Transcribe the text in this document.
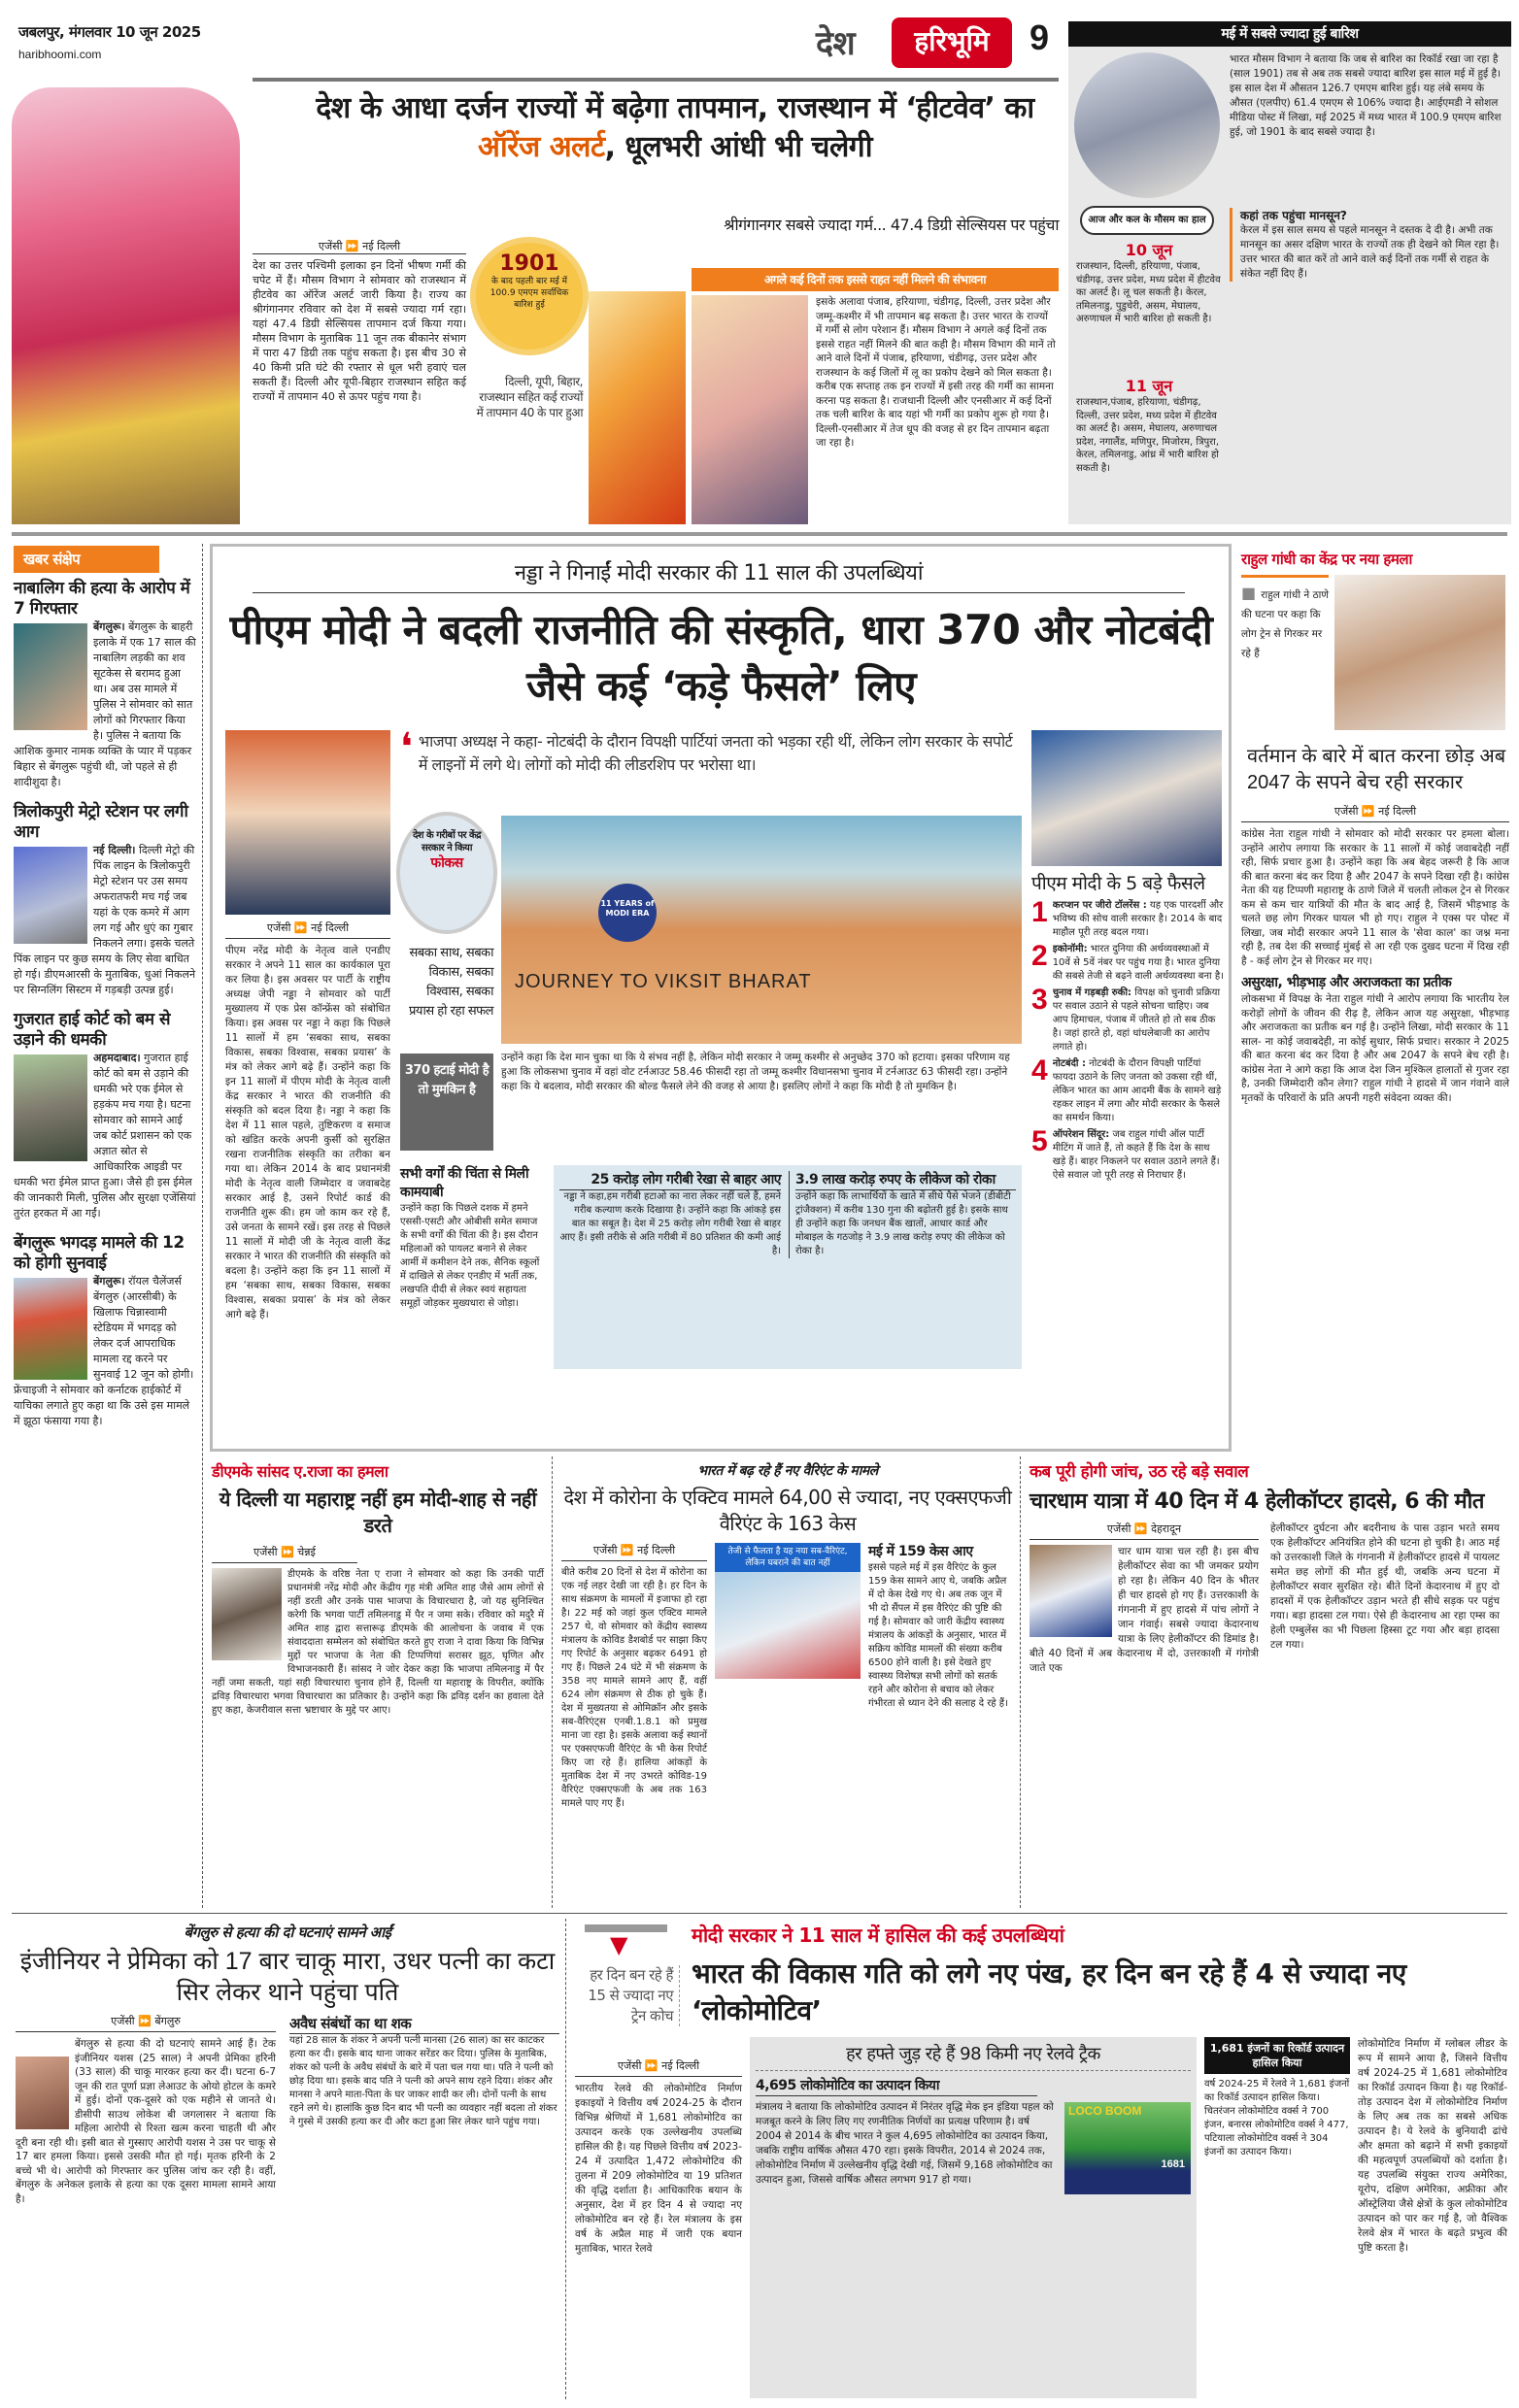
जबलपुर, मंगलवार 10 जून 2025
haribhoomi.com	देश	हरिभूमि	9
देश के आधा दर्जन राज्यों में बढ़ेगा तापमान, राजस्थान में ‘हीटवेव’ का ऑरेंज अलर्ट, धूलभरी आंधी भी चलेगी
श्रीगंगानगर सबसे ज्यादा गर्म... 47.4 डिग्री सेल्सियस पर पहुंचा
एजेंसी ⏩ नई दिल्ली

देश का उत्तर पश्चिमी इलाका इन दिनों भीषण गर्मी की चपेट में हैं। मौसम विभाग ने सोमवार को राजस्थान में हीटवेव का ऑरेंज अलर्ट जारी किया है। राज्य का श्रीगंगानगर रविवार को देश में सबसे ज्यादा गर्म रहा। यहां 47.4 डिग्री सेल्सियस तापमान दर्ज किया गया। मौसम विभाग के मुताबिक 11 जून तक बीकानेर संभाग में पारा 47 डिग्री तक पहुंच सकता है। इस बीच 30 से 40 किमी प्रति घंटे की रफ्तार से धूल भरी हवाएं चल सकती हैं। दिल्ली और यूपी-बिहार राजस्थान सहित कई राज्यों में तापमान 40 से ऊपर पहुंच गया है।

1901
के बाद पहली बार मई में 100.9 एमएम सर्वाधिक बारिश हुई
दिल्ली, यूपी, बिहार, राजस्थान सहित कई राज्यों में तापमान 40 के पार हुआ
अगले कई दिनों तक इससे राहत नहीं मिलने की संभावना

इसके अलावा पंजाब, हरियाणा, चंडीगढ़, दिल्ली, उत्तर प्रदेश और जम्मू-कश्मीर में भी तापमान बढ़ सकता है। उत्तर भारत के राज्यों में गर्मी से लोग परेशान हैं। मौसम विभाग ने अगले कई दिनों तक इससे राहत नहीं मिलने की बात कही है। मौसम विभाग की मानें तो आने वाले दिनों में पंजाब, हरियाणा, चंडीगढ़, उत्तर प्रदेश और राजस्थान के कई जिलों में लू का प्रकोप देखने को मिल सकता है। करीब एक सप्ताह तक इन राज्यों में इसी तरह की गर्मी का सामना करना पड़ सकता है। राजधानी दिल्ली और एनसीआर में कई दिनों तक चली बारिश के बाद यहां भी गर्मी का प्रकोप शुरू हो गया है। दिल्ली-एनसीआर में तेज धूप की वजह से हर दिन तापमान बढ़ता जा रहा है।

मई में सबसे ज्यादा हुई बारिश

भारत मौसम विभाग ने बताया कि जब से बारिश का रिकॉर्ड रखा जा रहा है (साल 1901) तब से अब तक सबसे ज्यादा बारिश इस साल मई में हुई है। इस साल देश में औसतन 126.7 एमएम बारिश हुई। यह लंबे समय के औसत (एलपीए) 61.4 एमएम से 106% ज्यादा है। आईएमडी ने सोशल मीडिया पोस्ट में लिखा, मई 2025 में मध्य भारत में 100.9 एमएम बारिश हुई, जो 1901 के बाद सबसे ज्यादा है।

आज और कल के मौसम का हाल
10 जून

राजस्थान, दिल्ली, हरियाणा, पंजाब, चंडीगढ़, उत्तर प्रदेश, मध्य प्रदेश में हीटवेव का अलर्ट है। लू चल सकती है। केरल, तमिलनाडु, पुडुचेरी, असम, मेघालय, अरुणाचल में भारी बारिश हो सकती है।

11 जून

राजस्थान,पंजाब, हरियाणा, चंडीगढ़, दिल्ली, उत्तर प्रदेश, मध्य प्रदेश में हीटवेव का अलर्ट है। असम, मेघालय, अरुणाचल प्रदेश, नगालैंड, मणिपुर, मिजोरम, त्रिपुरा, केरल, तमिलनाडु, आंध्र में भारी बारिश हो सकती है।

कहां तक पहुंचा मानसून?

केरल में इस साल समय से पहले मानसून ने दस्तक दे दी है। अभी तक मानसून का असर दक्षिण भारत के राज्यों तक ही देखने को मिल रहा है। उत्तर भारत की बात करें तो आने वाले कई दिनों तक गर्मी से राहत के संकेत नहीं दिए हैं।

खबर संक्षेप
नाबालिग की हत्या के आरोप में 7 गिरफ्तार

बेंगलुरू। बेंगलुरू के बाहरी इलाके में एक 17 साल की नाबालिग लड़की का शव सूटकेस से बरामद हुआ था। अब उस मामले में पुलिस ने सोमवार को सात लोगों को गिरफ्तार किया है। पुलिस ने बताया कि आशिक कुमार नामक व्यक्ति के प्यार में पड़कर बिहार से बेंगलुरू पहुंची थी, जो पहले से ही शादीशुदा है।

त्रिलोकपुरी मेट्रो स्टेशन पर लगी आग

नई दिल्ली। दिल्ली मेट्रो की पिंक लाइन के त्रिलोकपुरी मेट्रो स्टेशन पर उस समय अफरातफरी मच गई जब यहां के एक कमरे में आग लग गई और धुएं का गुबार निकलने लगा। इसके चलते पिंक लाइन पर कुछ समय के लिए सेवा बाधित हो गई। डीएमआरसी के मुताबिक, धुआं निकलने पर सिग्नलिंग सिस्टम में गड़बड़ी उत्पन्न हुई।

गुजरात हाई कोर्ट को बम से उड़ाने की धमकी

अहमदाबाद। गुजरात हाई कोर्ट को बम से उड़ाने की धमकी भरे एक ईमेल से हड़कंप मच गया है। घटना सोमवार को सामने आई जब कोर्ट प्रशासन को एक अज्ञात स्रोत से आधिकारिक आइडी पर धमकी भरा ईमेल प्राप्त हुआ। जैसे ही इस ईमेल की जानकारी मिली, पुलिस और सुरक्षा एजेंसियां तुरंत हरकत में आ गईं।

बेंगलुरू भगदड़ मामले की 12 को होगी सुनवाई

बेंगलुरू। रॉयल चैलेंजर्स बेंगलुरु (आरसीबी) के खिलाफ चिन्नास्वामी स्टेडियम में भगदड़ को लेकर दर्ज आपराधिक मामला रद्द करने पर सुनवाई 12 जून को होगी। फ्रेंचाइजी ने सोमवार को कर्नाटक हाईकोर्ट में याचिका लगाते हुए कहा था कि उसे इस मामले में झूठा फंसाया गया है।

नड्डा ने गिनाईं मोदी सरकार की 11 साल की उपलब्धियां
पीएम मोदी ने बदली राजनीति की संस्कृति, धारा 370 और नोटबंदी जैसे कई ‘कड़े फैसले’ लिए
❛ भाजपा अध्यक्ष ने कहा- नोटबंदी के दौरान विपक्षी पार्टियां जनता को भड़का रही थीं, लेकिन लोग सरकार के सपोर्ट में लाइनों में लगे थे। लोगों को मोदी की लीडरशिप पर भरोसा था।

देश के गरीबों पर केंद्र सरकार ने किया
फोकस
सबका साथ, सबका विकास, सबका विश्वास, सबका प्रयास हो रहा सफल
11 YEARS of MODI ERA
JOURNEY TO VIKSIT BHARAT
एजेंसी ⏩ नई दिल्ली

पीएम नरेंद्र मोदी के नेतृत्व वाले एनडीए सरकार ने अपने 11 साल का कार्यकाल पूरा कर लिया है। इस अवसर पर पार्टी के राष्ट्रीय अध्यक्ष जेपी नड्डा ने सोमवार को पार्टी मुख्यालय में एक प्रेस कॉन्फ्रेंस को संबोधित किया। इस अवस पर नड्डा ने कहा कि पिछले 11 सालों में हम ‘सबका साथ, सबका विकास, सबका विश्वास, सबका प्रयास’ के मंत्र को लेकर आगे बढ़े हैं। उन्होंने कहा कि इन 11 सालों में पीएम मोदी के नेतृत्व वाली केंद्र सरकार ने भारत की राजनीति की संस्कृति को बदल दिया है। नड्डा ने कहा कि देश में 11 साल पहले, तुष्टिकरण व समाज को खंडित करके अपनी कुर्सी को सुरक्षित रखना राजनीतिक संस्कृति का तरीका बन गया था। लेकिन 2014 के बाद प्रधानमंत्री मोदी के नेतृत्व वाली जिम्मेदार व जवाबदेह सरकार आई है, उसने रिपोर्ट कार्ड की राजनीति शुरू की। हम जो काम कर रहे हैं, उसे जनता के सामने रखें। इस तरह से पिछले 11 सालों में मोदी जी के नेतृत्व वाली केंद्र सरकार ने भारत की राजनीति की संस्कृति को बदला है। उन्होंने कहा कि इन 11 सालों में हम ‘सबका साथ, सबका विकास, सबका विश्वास, सबका प्रयास’ के मंत्र को लेकर आगे बढ़े हैं।

370 हटाई मोदी है तो मुमकिन है

उन्होंने कहा कि देश मान चुका था कि ये संभव नहीं है, लेकिन मोदी सरकार ने जम्मू कश्मीर से अनुच्छेद 370 को हटाया। इसका परिणाम यह हुआ कि लोकसभा चुनाव में वहां वोट टर्नआउट 58.46 फीसदी रहा तो जम्मू कश्मीर विधानसभा चुनाव में टर्नआउट 63 फीसदी रहा। उन्होंने कहा कि ये बदलाव, मोदी सरकार की बोल्ड फैसले लेने की वजह से आया है। इसलिए लोगों ने कहा कि मोदी है तो मुमकिन है।

सभी वर्गों की चिंता से मिली कामयाबी

उन्होंने कहा कि पिछले दशक में हमने एससी-एसटी और ओबीसी समेत समाज के सभी वर्गों की चिंता की है। इस दौरान महिलाओं को पायलट बनाने से लेकर आर्मी में कमीशन देने तक, सैनिक स्कूलों में दाखिले से लेकर एनडीए में भर्ती तक, लखपति दीदी से लेकर स्वयं सहायता समूहों जोड़कर मुख्यधारा से जोड़ा।

25 करोड़ लोग गरीबी रेखा से बाहर आए

नड्डा ने कहा,हम गरीबी हटाओ का नारा लेकर नहीं चले हैं, हमने गरीब कल्याण करके दिखाया है। उन्होंने कहा कि आंकड़े इस बात का सबूत है। देश में 25 करोड़ लोग गरीबी रेखा से बाहर आए हैं। इसी तरीके से अति गरीबी में 80 प्रतिशत की कमी आई है।

3.9 लाख करोड़ रुपए के लीकेज को रोका

उन्होंने कहा कि लाभार्थियों के खाते में सीधे पैसे भेजने (डीबीटी ट्रांजैक्शन) में करीब 130 गुना की बढ़ोतरी हुई है। इसके साथ ही उन्होंने कहा कि जनधन बैंक खातों, आधार कार्ड और मोबाइल के गठजोड़ ने 3.9 लाख करोड़ रुपए की लीकेज को रोका है।

पीएम मोदी के 5 बड़े फैसले
1 करप्शन पर जीरो टॉलरेंस : यह एक पारदर्शी और भविष्य की सोच वाली सरकार है। 2014 के बाद माहौल पूरी तरह बदल गया।

2 इकोनॉमी: भारत दुनिया की अर्थव्यवस्थाओं में 10वें से 5वें नंबर पर पहुंच गया है। भारत दुनिया की सबसे तेजी से बढ़ने वाली अर्थव्यवस्था बना है।

3 चुनाव में गड़बड़ी रुकी: विपक्ष को चुनावी प्रक्रिया पर सवाल उठाने से पहले सोचना चाहिए। जब आप हिमाचल, पंजाब में जीतते हो तो सब ठीक है। जहां हारते हो, वहां धांधलेबाजी का आरोप लगाते हो।

4 नोटबंदी : नोटबंदी के दौरान विपक्षी पार्टियां फायदा उठाने के लिए जनता को उकसा रही थीं, लेकिन भारत का आम आदमी बैंक के सामने खड़े रहकर लाइन में लगा और मोदी सरकार के फैसले का समर्थन किया।

5 ऑपरेशन सिंदूर: जब राहुल गांधी ऑल पार्टी मीटिंग में जाते हैं, तो कहते हैं कि देश के साथ खड़े हैं। बाहर निकलने पर सवाल उठाने लगते हैं। ऐसे सवाल जो पूरी तरह से निराधार हैं।

राहुल गांधी का केंद्र पर नया हमला
■ राहुल गांधी ने ठाणे की घटना पर कहा कि लोग ट्रेन से गिरकर मर रहे हैं
वर्तमान के बारे में बात करना छोड़ अब 2047 के सपने बेच रही सरकार
एजेंसी ⏩ नई दिल्ली

कांग्रेस नेता राहुल गांधी ने सोमवार को मोदी सरकार पर हमला बोला। उन्होंने आरोप लगाया कि सरकार के 11 सालों में कोई जवाबदेही नहीं रही, सिर्फ प्रचार हुआ है। उन्होंने कहा कि अब बेहद जरूरी है कि आज की बात करना बंद कर दिया है और 2047 के सपने दिखा रही है। कांग्रेस नेता की यह टिप्पणी महाराष्ट्र के ठाणे जिले में चलती लोकल ट्रेन से गिरकर कम से कम चार यात्रियों की मौत के बाद आई है, जिसमें भीड़भाड़ के चलते छह लोग गिरकर घायल भी हो गए। राहुल ने एक्स पर पोस्ट में लिखा, जब मोदी सरकार अपने 11 साल के 'सेवा काल' का जश्न मना रही है, तब देश की सच्चाई मुंबई से आ रही एक दुखद घटना में दिख रही है - कई लोग ट्रेन से गिरकर मर गए।

असुरक्षा, भीड़भाड़ और अराजकता का प्रतीक

लोकसभा में विपक्ष के नेता राहुल गांधी ने आरोप लगाया कि भारतीय रेल करोड़ों लोगों के जीवन की रीढ़ है, लेकिन आज यह असुरक्षा, भीड़भाड़ और अराजकता का प्रतीक बन गई है। उन्होंने लिखा, मोदी सरकार के 11 साल- ना कोई जवाबदेही, ना कोई सुधार, सिर्फ प्रचार। सरकार ने 2025 की बात करना बंद कर दिया है और अब 2047 के सपने बेच रही है। कांग्रेस नेता ने आगे कहा कि आज देश जिन मुश्किल हालातों से गुजर रहा है, उनकी जिम्मेदारी कौन लेगा? राहुल गांधी ने हादसे में जान गंवाने वाले मृतकों के परिवारों के प्रति अपनी गहरी संवेदना व्यक्त की।

डीएमके सांसद ए.राजा का हमला
ये दिल्ली या महाराष्ट्र नहीं हम मोदी-शाह से नहीं डरते
एजेंसी ⏩ चेन्नई

डीएमके के वरिष्ठ नेता ए राजा ने सोमवार को कहा कि उनकी पार्टी प्रधानमंत्री नरेंद्र मोदी और केंद्रीय गृह मंत्री अमित शाह जैसे आम लोगों से नहीं डरती और उनके पास भाजपा के विचारधारा है, जो यह सुनिश्चित करेगी कि भगवा पार्टी तमिलनाडु में पैर न जमा सके। रविवार को मदुरै में अमित शाह द्वारा सत्तारूढ़ डीएमके की आलोचना के जवाब में एक संवाददाता सम्मेलन को संबोधित करते हुए राजा ने दावा किया कि विभिन्न मुद्दों पर भाजपा के नेता की टिप्पणियां सरासर झूठ, घृणित और विभाजनकारी हैं। सांसद ने जोर देकर कहा कि भाजपा तमिलनाडु में पैर नहीं जमा सकती, यहां सही विचारधारा चुनाव होने हैं, दिल्ली या महाराष्ट्र के विपरीत, क्योंकि द्रविड़ विचारधारा भगवा विचारधारा का प्रतिकार है। उन्होंने कहा कि द्रविड़ दर्शन का हवाला देते हुए कहा, केजरीवाल सत्ता भ्रष्टाचार के मुद्दे पर आए।

भारत में बढ़ रहे हैं नए वैरिएंट के मामले
देश में कोरोना के एक्टिव मामले 64,00 से ज्यादा, नए एक्सएफजी वैरिएंट के 163 केस
एजेंसी ⏩ नई दिल्ली

बीते करीब 20 दिनों से देश में कोरोना का एक नई लहर देखी जा रही है। हर दिन के साथ संक्रमण के मामलों में इजाफा हो रहा है। 22 मई को जहां कुल एक्टिव मामले 257 थे, वो सोमवार को केंद्रीय स्वास्थ्य मंत्रालय के कोविड डैशबोर्ड पर साझा किए गए रिपोर्ट के अनुसार बढ़कर 6491 हो गए हैं। पिछले 24 घंटे में भी संक्रमण के 358 नए मामले सामने आए हैं, वहीं 624 लोग संक्रमण से ठीक हो चुके हैं। देश में मुख्यतया से ओमिक्रॉन और इसके सब-वैरिएंट्स एनबी.1.8.1 को प्रमुख माना जा रहा है। इसके अलावा कई स्थानों पर एक्सएफजी वैरिएंट के भी केस रिपोर्ट किए जा रहे हैं। हालिया आंकड़ों के मुताबिक देश में नए उभरते कोविड-19 वैरिएंट एक्सएफजी के अब तक 163 मामले पाए गए हैं।

तेजी से फैलता है यह नया सब-वैरिएंट, लेकिन घबराने की बात नहीं
मई में 159 केस आए

इससे पहले मई में इस वैरिएंट के कुल 159 केस सामने आए थे, जबकि अप्रैल में दो केस देखे गए थे। अब तक जून में भी दो सैंपल में इस वैरिएंट की पुष्टि की गई है। सोमवार को जारी केंद्रीय स्वास्थ्य मंत्रालय के आंकड़ों के अनुसार, भारत में सक्रिय कोविड मामलों की संख्या करीब 6500 होने वाली है। इसे देखते हुए स्वास्थ्य विशेषज्ञ सभी लोगों को सतर्क रहने और कोरोना से बचाव को लेकर गंभीरता से ध्यान देने की सलाह दे रहे हैं।

कब पूरी होगी जांच, उठ रहे बड़े सवाल
चारधाम यात्रा में 40 दिन में 4 हेलीकॉप्टर हादसे, 6 की मौत
एजेंसी ⏩ देहरादून

चार धाम यात्रा चल रही है। इस बीच हेलीकॉप्टर सेवा का भी जमकर प्रयोग हो रहा है। लेकिन 40 दिन के भीतर ही चार हादसे हो गए हैं। उत्तरकाशी के गंगनानी में हुए हादसे में पांच लोगों ने जान गंवाई। सबसे ज्यादा केदारनाथ यात्रा के लिए हेलीकॉप्टर की डिमांड है। बीते 40 दिनों में अब केदारनाथ में दो, उत्तरकाशी में गंगोत्री जाते एक

हेलीकॉप्टर दुर्घटना और बदरीनाथ के पास उड़ान भरते समय एक हेलीकॉप्टर अनियंत्रित होने की घटना हो चुकी है। आठ मई को उत्तरकाशी जिले के गंगनानी में हेलीकॉप्टर हादसे में पायलट समेत छह लोगों की मौत हुई थी, जबकि अन्य घटना में हेलीकॉप्टर सवार सुरक्षित रहे। बीते दिनों केदारनाथ में हुए दो हादसों में एक हेलीकॉप्टर उड़ान भरते ही सीधे सड़क पर पहुंच गया। बड़ा हादसा टल गया। ऐसे ही केदारनाथ आ रहा एम्स का हेली एम्बुलेंस का भी पिछला हिस्सा टूट गया और बड़ा हादसा टल गया।

बेंगलुरु से हत्या की दो घटनाएं सामने आईं
इंजीनियर ने प्रेमिका को 17 बार चाकू मारा, उधर पत्नी का कटा सिर लेकर थाने पहुंचा पति
एजेंसी ⏩ बेंगलुरु

बेंगलुरु से हत्या की दो घटनाएं सामने आई हैं। टेक इंजीनियर यशस (25 साल) ने अपनी प्रेमिका हरिनी (33 साल) की चाकू मारकर हत्या कर दी। घटना 6-7 जून की रात पूर्णा प्रज्ञा लेआउट के ओयो होटल के कमरे में हुई। दोनों एक-दूसरे को एक महीने से जानते थे। डीसीपी साउथ लोकेश बी जगलासर ने बताया कि महिला आरोपी से रिश्ता खत्म करना चाहती थी और दूरी बना रही थी। इसी बात से गुस्साए आरोपी यशस ने उस पर चाकू से 17 बार हमला किया। इससे उसकी मौत हो गई। मृतक हरिनी के 2 बच्चे भी थे। आरोपी को गिरफ्तार कर पुलिस जांच कर रही है। वहीं, बेंगलुरु के अनेकल इलाके से हत्या का एक दूसरा मामला सामने आया है।

अवैध संबंधों का था शक

यहां 28 साल के शंकर ने अपनी पत्नी मानसा (26 साल) का सर काटकर हत्या कर दी। इसके बाद थाना जाकर सरेंडर कर दिया। पुलिस के मुताबिक, शंकर को पत्नी के अवैध संबंधों के बारे में पता चल गया था। पति ने पत्नी को छोड़ दिया था। इसके बाद पति ने पत्नी को अपने साथ रहने दिया। शंकर और मानसा ने अपने माता-पिता के घर जाकर शादी कर ली। दोनों पत्नी के साथ रहने लगे थे। हालांकि कुछ दिन बाद भी पत्नी का व्यवहार नहीं बदला तो शंकर ने गुस्से में उसकी हत्या कर दी और कटा हुआ सिर लेकर थाने पहुंच गया।

▼	मोदी सरकार ने 11 साल में हासिल की कई उपलब्धियां
हर दिन बन रहे हैं 15 से ज्यादा नए ट्रेन कोच
भारत की विकास गति को लगे नए पंख, हर दिन बन रहे हैं 4 से ज्यादा नए ‘लोकोमोटिव’
एजेंसी ⏩ नई दिल्ली

भारतीय रेलवे की लोकोमोटिव निर्माण इकाइयों ने वित्तीय वर्ष 2024-25 के दौरान विभिन्न श्रेणियों में 1,681 लोकोमोटिव का उत्पादन करके एक उल्लेखनीय उपलब्धि हासिल की है। यह पिछले वित्तीय वर्ष 2023-24 में उत्पादित 1,472 लोकोमोटिव की तुलना में 209 लोकोमोटिव या 19 प्रतिशत की वृद्धि दर्शाता है। आधिकारिक बयान के अनुसार, देश में हर दिन 4 से ज्यादा नए लोकोमोटिव बन रहे हैं। रेल मंत्रालय के इस वर्ष के अप्रैल माह में जारी एक बयान मुताबिक, भारत रेलवे

हर हफ्ते जुड़ रहे हैं 98 किमी नए रेलवे ट्रैक
4,695 लोकोमोटिव का उत्पादन किया
LOCO BOOM
1681

मंत्रालय ने बताया कि लोकोमोटिव उत्पादन में निरंतर वृद्धि मेक इन इंडिया पहल को मजबूत करने के लिए लिए गए रणनीतिक निर्णयों का प्रत्यक्ष परिणाम है। वर्ष 2004 से 2014 के बीच भारत ने कुल 4,695 लोकोमोटिव का उत्पादन किया, जबकि राष्ट्रीय वार्षिक औसत 470 रहा। इसके विपरीत, 2014 से 2024 तक, लोकोमोटिव निर्माण में उल्लेखनीय वृद्धि देखी गई, जिसमें 9,168 लोकोमोटिव का उत्पादन हुआ, जिससे वार्षिक औसत लगभग 917 हो गया।

1,681 इंजनों का रिकॉर्ड उत्पादन हासिल किया

वर्ष 2024-25 में रेलवे ने 1,681 इंजनों का रिकॉर्ड उत्पादन हासिल किया। चितरंजन लोकोमोटिव वर्क्स ने 700 इंजन, बनारस लोकोमोटिव वर्क्स ने 477, पटियाला लोकोमोटिव वर्क्स ने 304 इंजनों का उत्पादन किया।

लोकोमोटिव निर्माण में ग्लोबल लीडर के रूप में सामने आया है, जिसने वित्तीय वर्ष 2024-25 में 1,681 लोकोमोटिव का रिकॉर्ड उत्पादन किया है। यह रिकॉर्ड-तोड़ उत्पादन देश में लोकोमोटिव निर्माण के लिए अब तक का सबसे अधिक उत्पादन है। ये रेलवे के बुनियादी ढांचे और क्षमता को बढ़ाने में सभी इकाइयों की महत्वपूर्ण उपलब्धियों को दर्शाता है। यह उपलब्धि संयुक्त राज्य अमेरिका, यूरोप, दक्षिण अमेरिका, अफ्रीका और ऑस्ट्रेलिया जैसे क्षेत्रों के कुल लोकोमोटिव उत्पादन को पार कर गई है, जो वैश्विक रेलवे क्षेत्र में भारत के बढ़ते प्रभुत्व की पुष्टि करता है।
